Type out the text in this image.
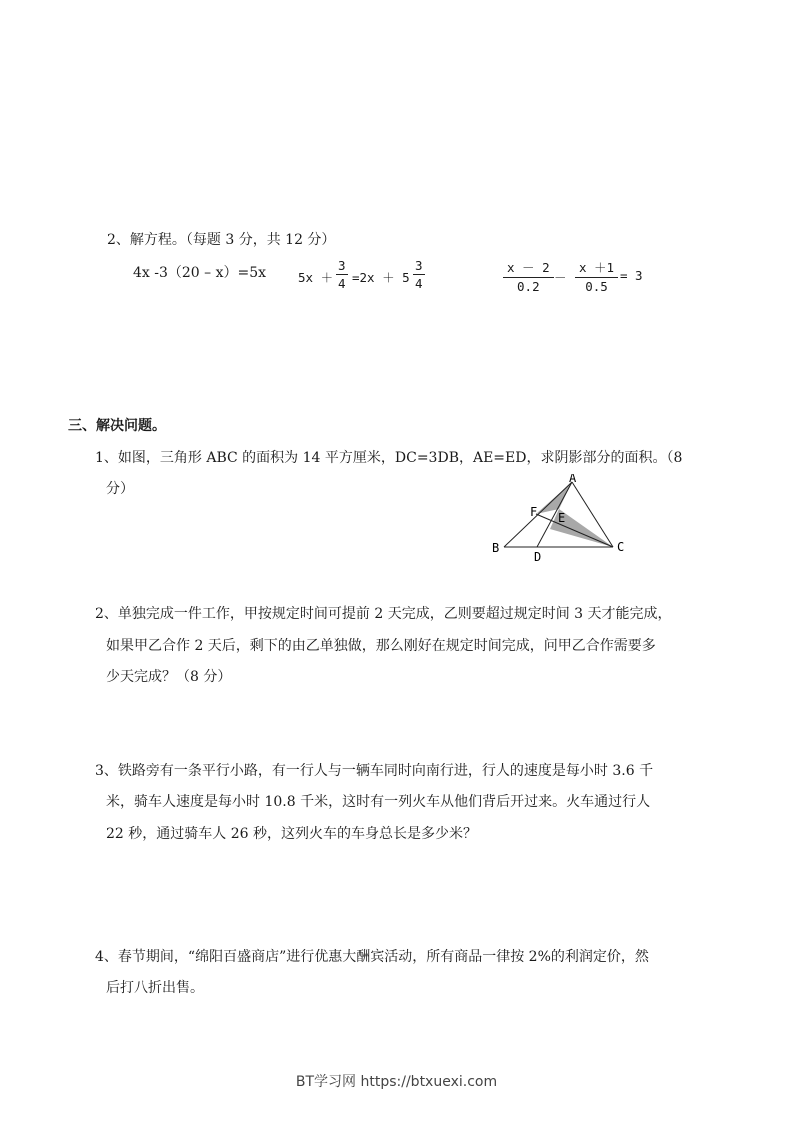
2、解方程。（每题 3 分，共 12 分）
4x -3（20 – x）=5x	$5x + \frac{3}{4} =2x + 5 \frac{3}{4}$	$\frac{x - 2}{0.2} - \frac{x +1}{0.5} = 3$
三、解决问题。
1、如图，三角形 ABC 的面积为 14 平方厘米，DC=3DB，AE=ED，求阴影部分的面积。（8
分）
A
B	C
D
E
F
2、单独完成一件工作，甲按规定时间可提前 2 天完成，乙则要超过规定时间 3 天才能完成，
如果甲乙合作 2 天后，剩下的由乙单独做，那么刚好在规定时间完成，问甲乙合作需要多
少天完成？（8 分）
3、铁路旁有一条平行小路，有一行人与一辆车同时向南行进，行人的速度是每小时 3.6 千
米，骑车人速度是每小时 10.8 千米，这时有一列火车从他们背后开过来。火车通过行人
22 秒，通过骑车人 26 秒，这列火车的车身总长是多少米？
4、春节期间，“绵阳百盛商店”进行优惠大酬宾活动，所有商品一律按 2%的利润定价，然
后打八折出售。
BT学习网 https://btxuexi.com
